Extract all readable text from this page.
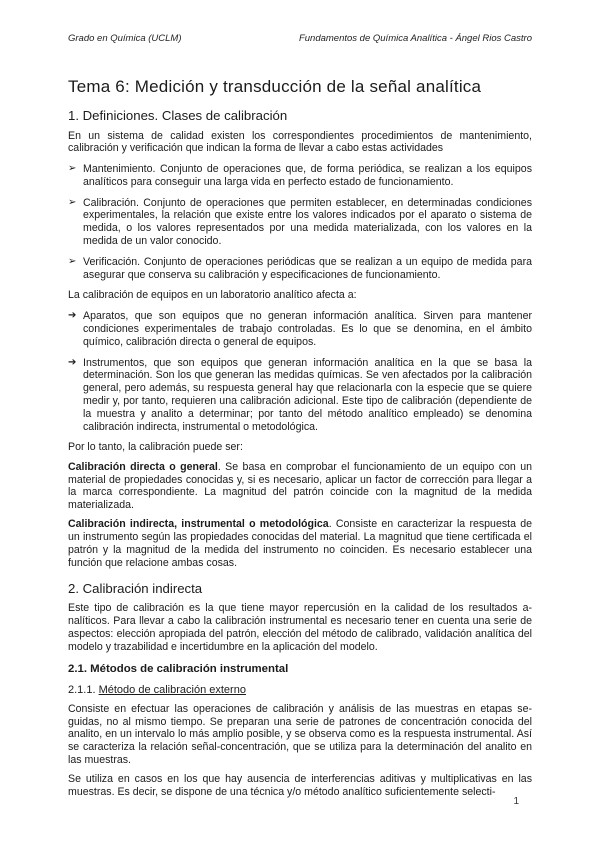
Grado en Química (UCLM)	Fundamentos de Química Analítica - Ángel Rios Castro
Tema 6: Medición y transducción de la señal analítica
1. Definiciones. Clases de calibración

En un sistema de calidad existen los correspondientes procedimientos de mantenimiento, calibración y verificación que indican la forma de llevar a cabo estas actividades

➢ Mantenimiento. Conjunto de operaciones que, de forma periódica, se realizan a los equipos analíticos para conseguir una larga vida en perfecto estado de funcionamiento.
➢ Calibración. Conjunto de operaciones que permiten establecer, en determinadas condiciones experimentales, la relación que existe entre los valores indicados por el aparato o sistema de medida, o los valores representados por una medida materializada, con los valores en la medida de un valor conocido.
➢ Verificación. Conjunto de operaciones periódicas que se realizan a un equipo de medida para asegurar que conserva su calibración y especificaciones de funcionamiento.

La calibración de equipos en un laboratorio analítico afecta a:

➔ Aparatos, que son equipos que no generan información analítica. Sirven para mantener condiciones experimentales de trabajo controladas. Es lo que se denomina, en el ámbito químico, calibración directa o general de equipos.
➔ Instrumentos, que son equipos que generan información analítica en la que se basa la determinación. Son los que generan las medidas químicas. Se ven afectados por la calibración general, pero además, su respuesta general hay que relacionarla con la especie que se quiere medir y, por tanto, requieren una calibración adicional. Este tipo de calibración (dependiente de la muestra y analito a determinar; por tanto del método analítico empleado) se denomina calibración indirecta, instrumental o metodológica.

Por lo tanto, la calibración puede ser:

Calibración directa o general. Se basa en comprobar el funcionamiento de un equipo con un material de propiedades conocidas y, si es necesario, aplicar un factor de corrección para llegar a la marca correspondiente. La magnitud del patrón coincide con la magnitud de la medida materializada.

Calibración indirecta, instrumental o metodológica. Consiste en caracterizar la respuesta de un instrumento según las propiedades conocidas del material. La magnitud que tiene certificada el patrón y la magnitud de la medida del instrumento no coinciden. Es necesario establecer una función que relacione ambas cosas.

2. Calibración indirecta

Este tipo de calibración es la que tiene mayor repercusión en la calidad de los resultados analíticos. Para llevar a cabo la calibración instrumental es necesario tener en cuenta una serie de aspectos: elección apropiada del patrón, elección del método de calibrado, validación analítica del modelo y trazabilidad e incertidumbre en la aplicación del modelo.

2.1. Métodos de calibración instrumental
2.1.1. Método de calibración externo

Consiste en efectuar las operaciones de calibración y análisis de las muestras en etapas seguidas, no al mismo tiempo. Se preparan una serie de patrones de concentración conocida del analito, en un intervalo lo más amplio posible, y se observa como es la respuesta instrumental. Así se caracteriza la relación señal-concentración, que se utiliza para la determinación del analito en las muestras.

Se utiliza en casos en los que hay ausencia de interferencias aditivas y multiplicativas en las muestras. Es decir, se dispone de una técnica y/o método analítico suficientemente selecti-

1
